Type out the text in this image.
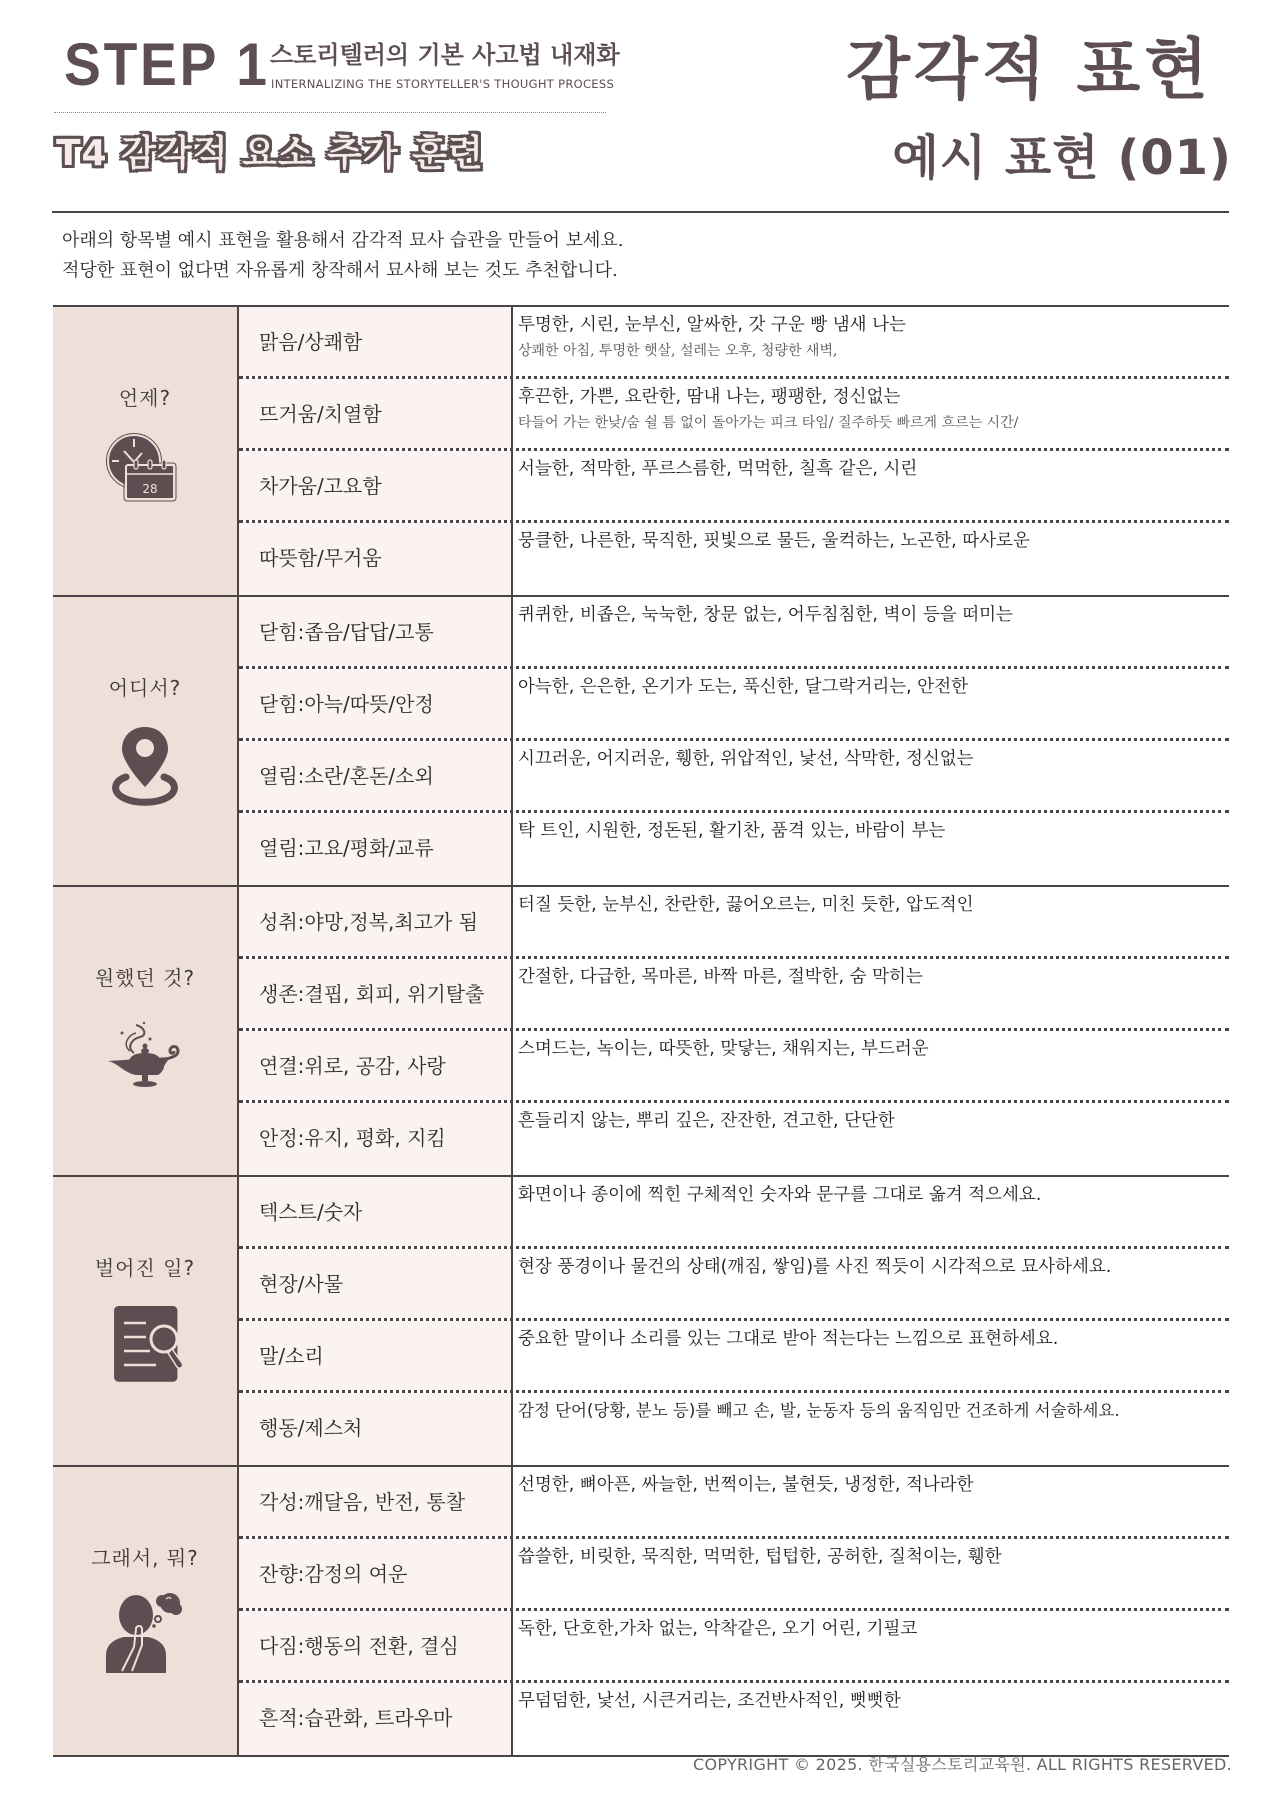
STEP 1 스토리텔러의 기본 사고법 내재화
INTERNALIZING THE STORYTELLER'S THOUGHT PROCESS
T4 감각적 요소 추가 훈련
감각적 표현
예시 표현 (01)
아래의 항목별 예시 표현을 활용해서 감각적 묘사 습관을 만들어 보세요.
적당한 표현이 없다면 자유롭게 창작해서 묘사해 보는 것도 추천합니다.
언제?
28
맑음/상쾌함
투명한, 시린, 눈부신, 알싸한, 갓 구운 빵 냄새 나는
상쾌한 아침, 투명한 햇살, 설레는 오후, 청량한 새벽,
뜨거움/치열함
후끈한, 가쁜, 요란한, 땀내 나는, 팽팽한, 정신없는
타들어 가는 한낮/숨 쉴 틈 없이 돌아가는 피크 타임/ 질주하듯 빠르게 흐르는 시간/
차가움/고요함
서늘한, 적막한, 푸르스름한, 먹먹한, 칠흑 같은, 시린
따뜻함/무거움
뭉클한, 나른한, 묵직한, 핏빛으로 물든, 울컥하는, 노곤한, 따사로운
어디서?
닫힘:좁음/답답/고통
퀴퀴한, 비좁은, 눅눅한, 창문 없는, 어두침침한, 벽이 등을 떠미는
닫힘:아늑/따뜻/안정
아늑한, 은은한, 온기가 도는, 푹신한, 달그락거리는, 안전한
열림:소란/혼돈/소외
시끄러운, 어지러운, 휑한, 위압적인, 낯선, 삭막한, 정신없는
열림:고요/평화/교류
탁 트인, 시원한, 정돈된, 활기찬, 품격 있는, 바람이 부는
원했던 것?
성취:야망,정복,최고가 됨
터질 듯한, 눈부신, 찬란한, 끓어오르는, 미친 듯한, 압도적인
생존:결핍, 회피, 위기탈출
간절한, 다급한, 목마른, 바짝 마른, 절박한, 숨 막히는
연결:위로, 공감, 사랑
스며드는, 녹이는, 따뜻한, 맞닿는, 채워지는, 부드러운
안정:유지, 평화, 지킴
흔들리지 않는, 뿌리 깊은, 잔잔한, 견고한, 단단한
벌어진 일?
텍스트/숫자
화면이나 종이에 찍힌 구체적인 숫자와 문구를 그대로 옮겨 적으세요.
현장/사물
현장 풍경이나 물건의 상태(깨짐, 쌓임)를 사진 찍듯이 시각적으로 묘사하세요.
말/소리
중요한 말이나 소리를 있는 그대로 받아 적는다는 느낌으로 표현하세요.
행동/제스처
감정 단어(당황, 분노 등)를 빼고 손, 발, 눈동자 등의 움직임만 건조하게 서술하세요.
그래서, 뭐?
각성:깨달음, 반전, 통찰
선명한, 뼈아픈, 싸늘한, 번쩍이는, 불현듯, 냉정한, 적나라한
잔향:감정의 여운
씁쓸한, 비릿한, 묵직한, 먹먹한, 텁텁한, 공허한, 질척이는, 휑한
다짐:행동의 전환, 결심
독한, 단호한,가차 없는, 악착같은, 오기 어린, 기필코
흔적:습관화, 트라우마
무덤덤한, 낯선, 시큰거리는, 조건반사적인, 뻣뻣한
COPYRIGHT © 2025. 한국실용스토리교육원. ALL RIGHTS RESERVED.
